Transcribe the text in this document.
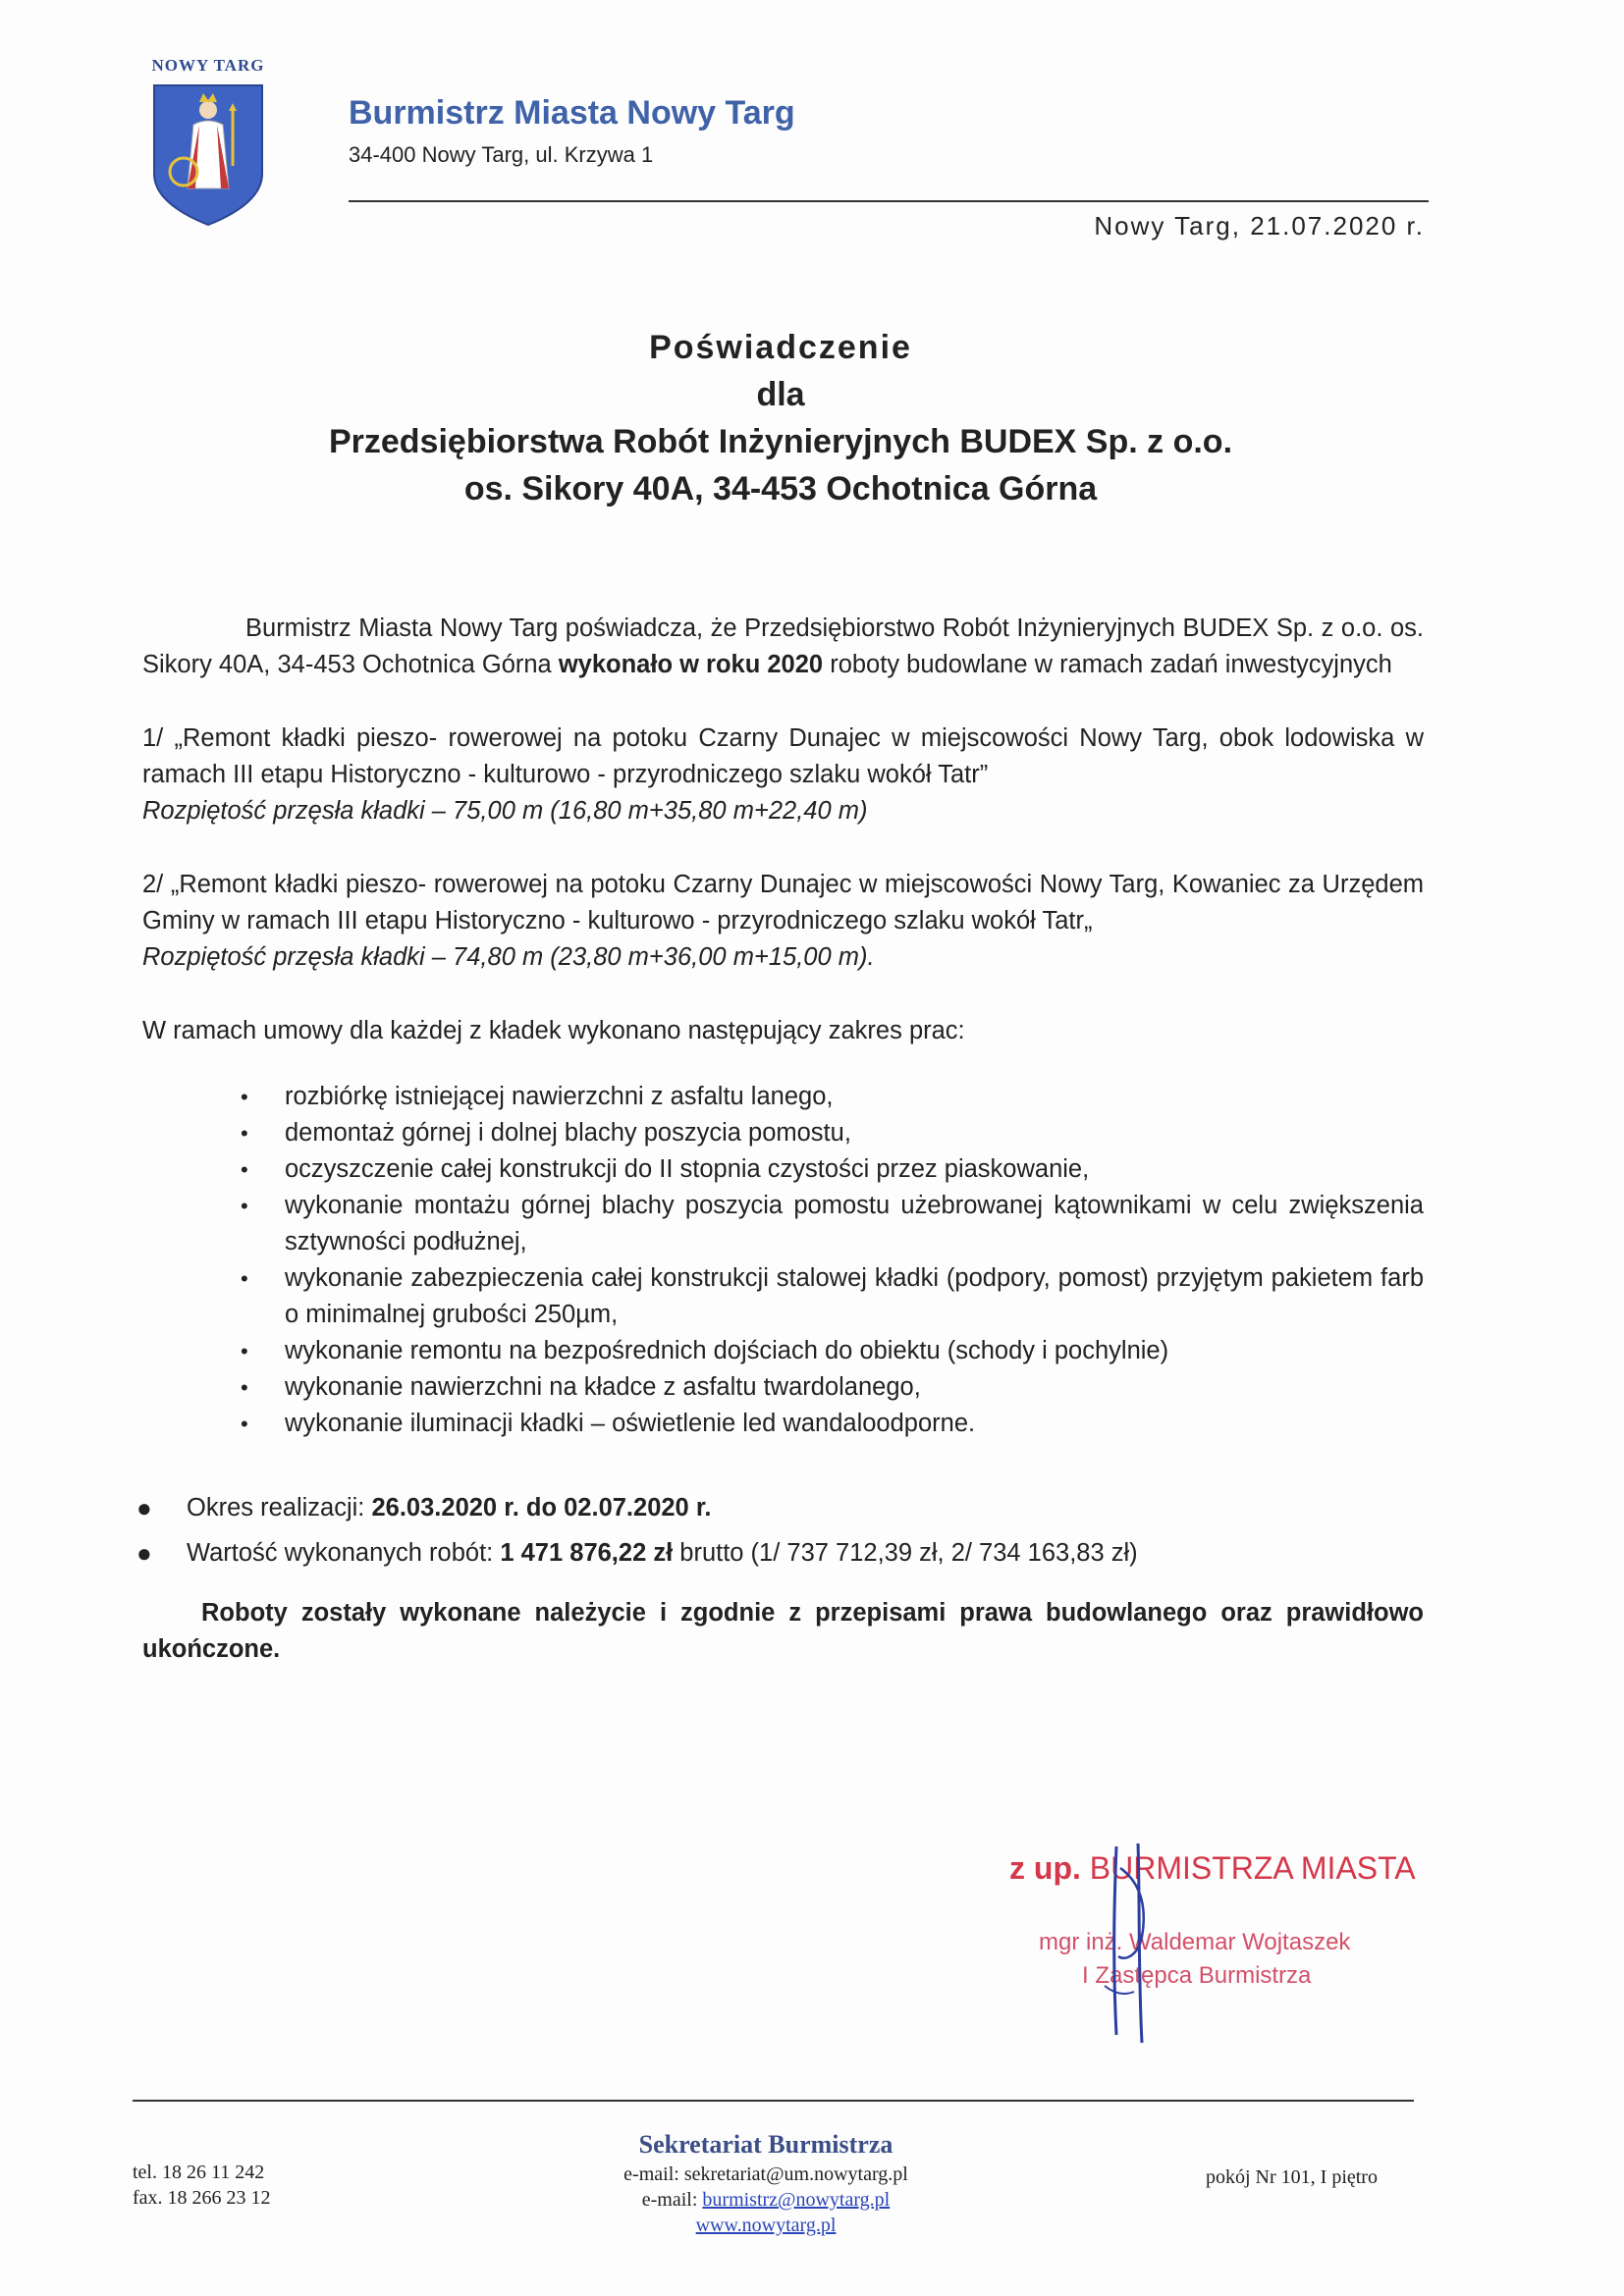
NOWY TARG
Burmistrz Miasta Nowy Targ
34-400 Nowy Targ, ul. Krzywa 1
Nowy Targ, 21.07.2020 r.
Poświadczenie
dla
Przedsiębiorstwa Robót Inżynieryjnych BUDEX Sp. z o.o.
os. Sikory 40A, 34-453 Ochotnica Górna

Burmistrz Miasta Nowy Targ poświadcza, że Przedsiębiorstwo Robót Inżynieryjnych BUDEX Sp. z o.o. os. Sikory 40A, 34-453 Ochotnica Górna wykonało w roku 2020 roboty budowlane w ramach zadań inwestycyjnych

1/ „Remont kładki pieszo- rowerowej na potoku Czarny Dunajec w miejscowości Nowy Targ, obok lodowiska w ramach III etapu Historyczno - kulturowo - przyrodniczego szlaku wokół Tatr”
Rozpiętość przęsła kładki – 75,00 m (16,80 m+35,80 m+22,40 m)

2/ „Remont kładki pieszo- rowerowej na potoku Czarny Dunajec w miejscowości Nowy Targ, Kowaniec za Urzędem Gminy w ramach III etapu Historyczno - kulturowo - przyrodniczego szlaku wokół Tatr„
Rozpiętość przęsła kładki – 74,80 m (23,80 m+36,00 m+15,00 m).

W ramach umowy dla każdej z kładek wykonano następujący zakres prac:

• rozbiórkę istniejącej nawierzchni z asfaltu lanego,
• demontaż górnej i dolnej blachy poszycia pomostu,
• oczyszczenie całej konstrukcji do II stopnia czystości przez piaskowanie,
• wykonanie montażu górnej blachy poszycia pomostu użebrowanej kątownikami w celu zwiększenia sztywności podłużnej,
• wykonanie zabezpieczenia całej konstrukcji stalowej kładki (podpory, pomost) przyjętym pakietem farb o minimalnej grubości 250µm,
• wykonanie remontu na bezpośrednich dojściach do obiektu (schody i pochylnie)
• wykonanie nawierzchni na kładce z asfaltu twardolanego,
• wykonanie iluminacji kładki – oświetlenie led wandaloodporne.
● Okres realizacji: 26.03.2020 r. do 02.07.2020 r.
● Wartość wykonanych robót: 1 471 876,22 zł brutto (1/ 737 712,39 zł, 2/ 734 163,83 zł)

Roboty zostały wykonane należycie i zgodnie z przepisami prawa budowlanego oraz prawidłowo ukończone.

z up. BURMISTRZA MIASTA
mgr inż. Waldemar Wojtaszek
I Zastępca Burmistrza
tel. 18 26 11 242
fax. 18 266 23 12
Sekretariat Burmistrza
e-mail: sekretariat@um.nowytarg.pl
e-mail: burmistrz@nowytarg.pl
www.nowytarg.pl
pokój Nr 101, I piętro
